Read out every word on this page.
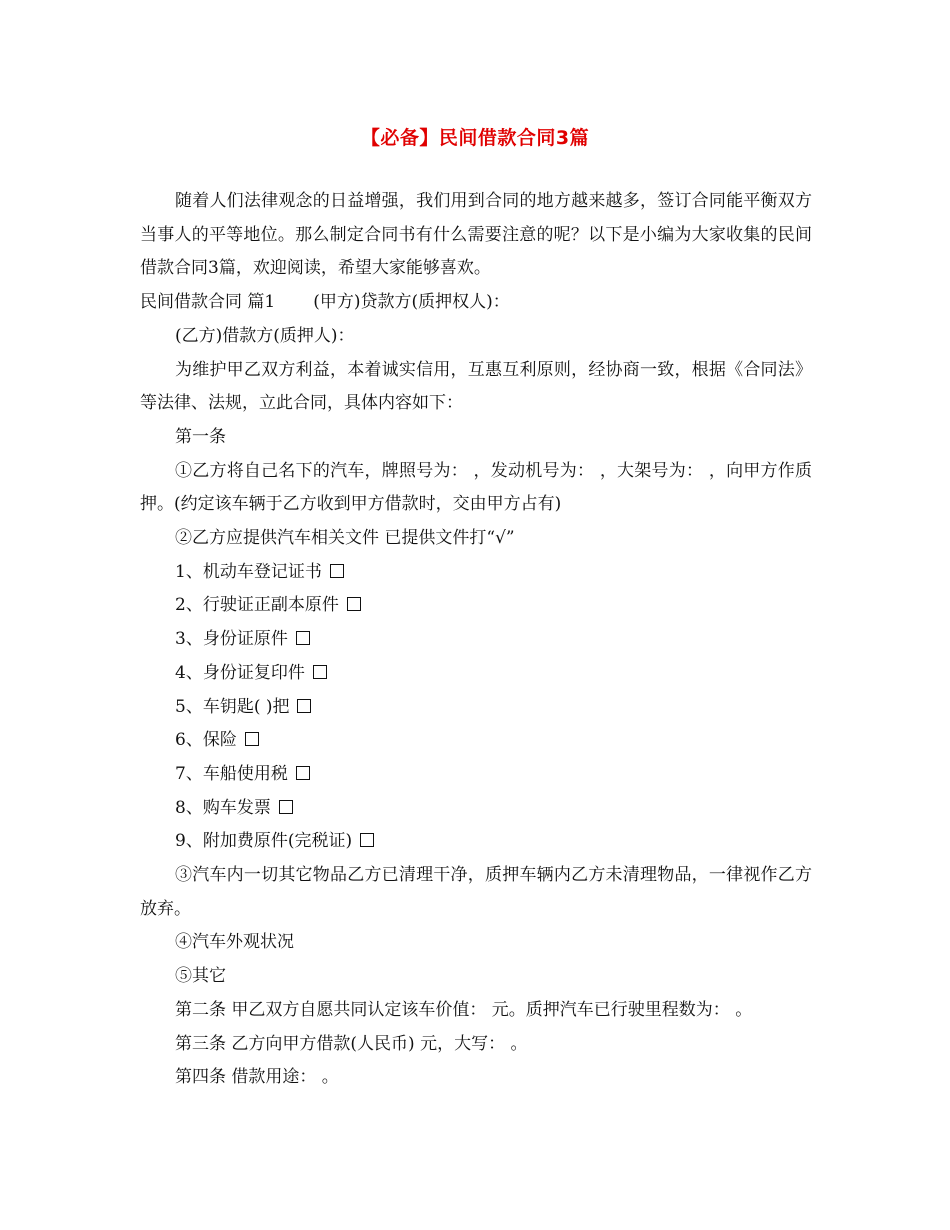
【必备】民间借款合同3篇

随着人们法律观念的日益增强，我们用到合同的地方越来越多，签订合同能平衡双方当事人的平等地位。那么制定合同书有什么需要注意的呢？以下是小编为大家收集的民间借款合同3篇，欢迎阅读，希望大家能够喜欢。

民间借款合同 篇1 (甲方)贷款方(质押权人)：

(乙方)借款方(质押人)：

为维护甲乙双方利益，本着诚实信用，互惠互利原则，经协商一致，根据《合同法》等法律、法规，立此合同，具体内容如下：

第一条

①乙方将自己名下的汽车，牌照号为： ，发动机号为： ，大架号为： ，向甲方作质押。(约定该车辆于乙方收到甲方借款时，交由甲方占有)

②乙方应提供汽车相关文件 已提供文件打“√”

1、机动车登记证书

2、行驶证正副本原件

3、身份证原件

4、身份证复印件

5、车钥匙( )把

6、保险

7、车船使用税

8、购车发票

9、附加费原件(完税证)

③汽车内一切其它物品乙方已清理干净，质押车辆内乙方未清理物品，一律视作乙方放弃。

④汽车外观状况

⑤其它

第二条 甲乙双方自愿共同认定该车价值： 元。质押汽车已行驶里程数为： 。

第三条 乙方向甲方借款(人民币) 元，大写： 。

第四条 借款用途： 。
